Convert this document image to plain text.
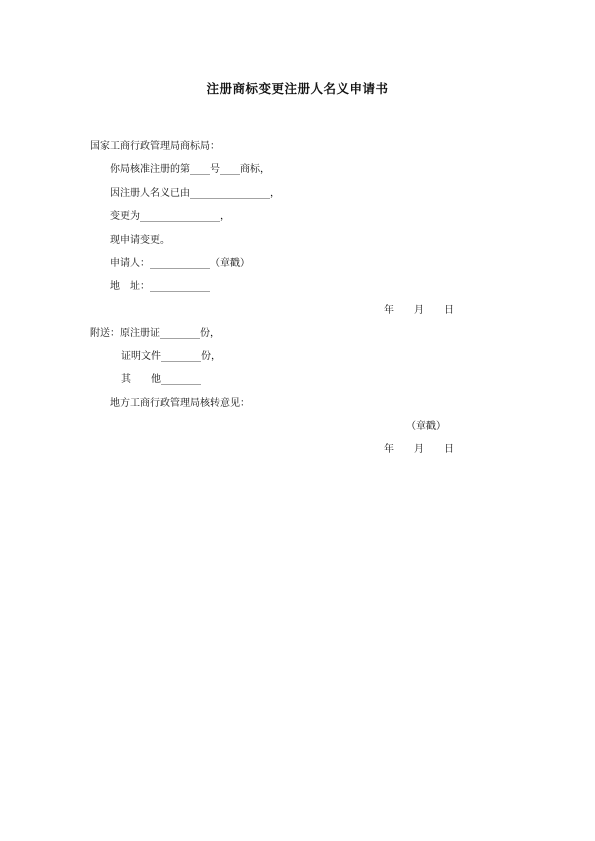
注册商标变更注册人名义申请书
国家工商行政管理局商标局：
你局核准注册的第____号____商标，
因注册人名义已由________________，
变更为________________，
现申请变更。
申请人：____________（章戳）
地　址：____________
年　　月　　日
附送：原注册证________份，
证明文件________份，
其　　他________
地方工商行政管理局核转意见：
（章戳）
年　　月　　日
